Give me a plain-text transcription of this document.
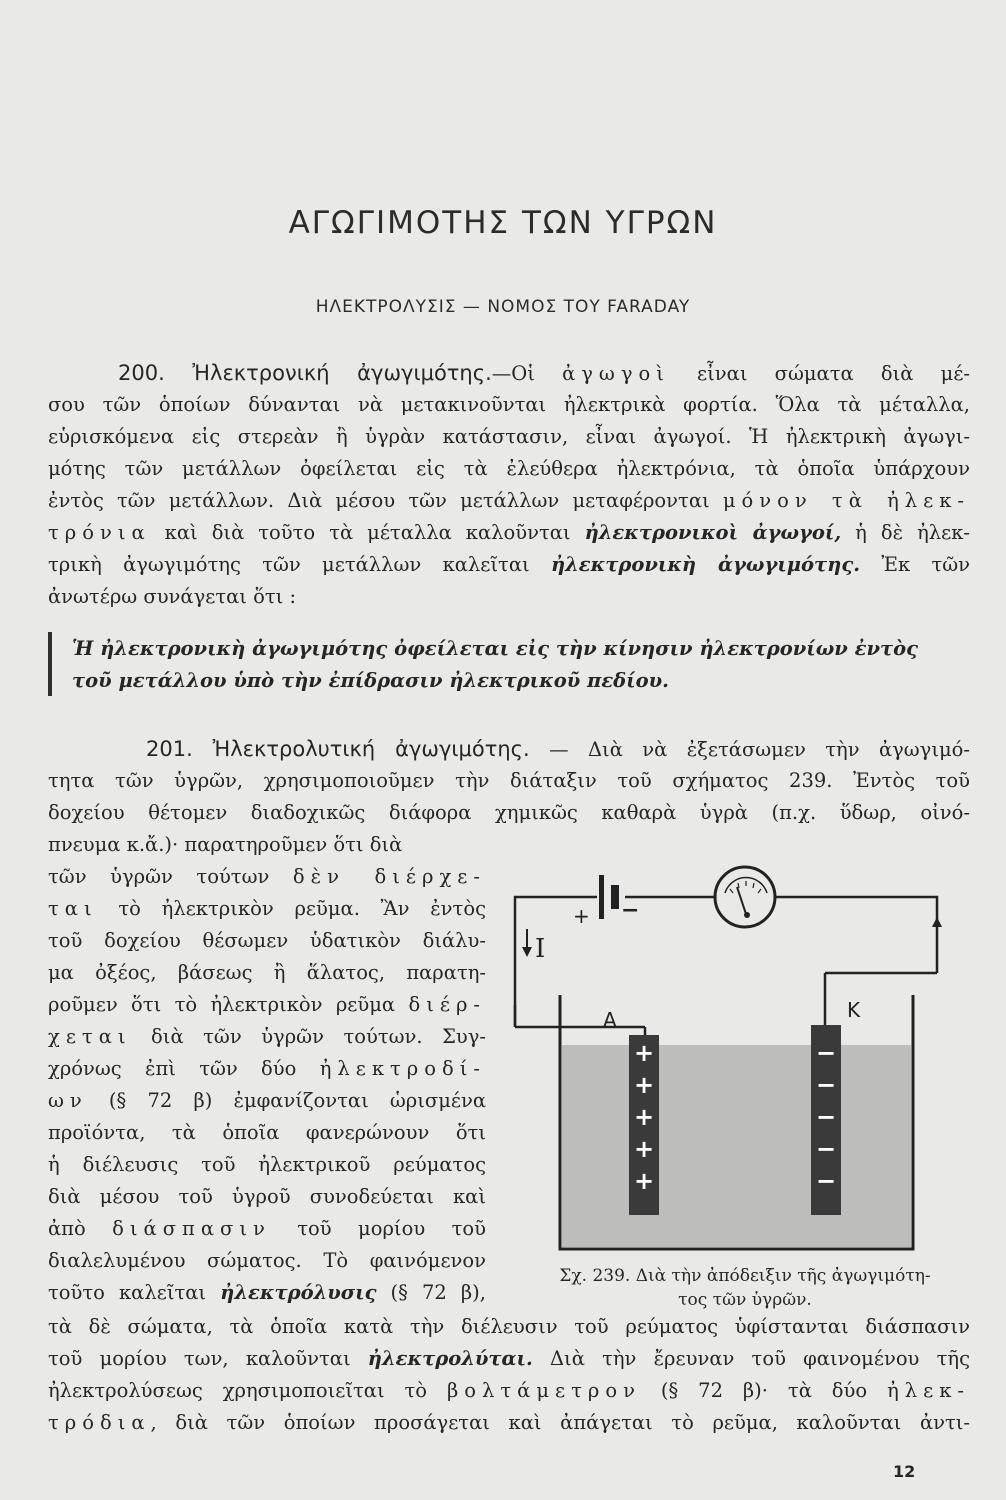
ΑΓΩΓΙΜΟΤΗΣ ΤΩΝ ΥΓΡΩΝ
ΗΛΕΚΤΡΟΛΥΣΙΣ — ΝΟΜΟΣ ΤΟΥ FARADAY
200. Ἠλεκτρονική ἀγωγιμότης.—Οἱ ἀγωγοὶ εἶναι σώματα διὰ μέ-
σου τῶν ὁποίων δύνανται νὰ μετακινοῦνται ἠλεκτρικὰ φορτία. Ὅλα τὰ μέταλλα,
εὑρισκόμενα εἰς στερεὰν ἢ ὑγρὰν κατάστασιν, εἶναι ἀγωγοί. Ἡ ἠλεκτρικὴ ἀγωγι-
μότης τῶν μετάλλων ὀφείλεται εἰς τὰ ἐλεύθερα ἠλεκτρόνια, τὰ ὁποῖα ὑπάρχουν
ἐντὸς τῶν μετάλλων. Διὰ μέσου τῶν μετάλλων μεταφέρονται μόνον τὰ ἠλεκ-
τρόνια καὶ διὰ τοῦτο τὰ μέταλλα καλοῦνται ἠλεκτρονικοὶ ἀγωγοί, ἡ δὲ ἠλεκ-
τρικὴ ἀγωγιμότης τῶν μετάλλων καλεῖται ἠλεκτρονικὴ ἀγωγιμότης. Ἐκ τῶν
ἀνωτέρω συνάγεται ὅτι :
Ἡ ἠλεκτρονικὴ ἀγωγιμότης ὀφείλεται εἰς τὴν κίνησιν ἠλεκτρονίων ἐντὸς
τοῦ μετάλλου ὑπὸ τὴν ἐπίδρασιν ἠλεκτρικοῦ πεδίου.
201. Ἠλεκτρολυτική ἀγωγιμότης. — Διὰ νὰ ἐξετάσωμεν τὴν ἀγωγιμό-
τητα τῶν ὑγρῶν, χρησιμοποιοῦμεν τὴν διάταξιν τοῦ σχήματος 239. Ἐντὸς τοῦ
δοχείου θέτομεν διαδοχικῶς διάφορα χημικῶς καθαρὰ ὑγρὰ (π.χ. ὕδωρ, οἰνό-
πνευμα κ.ἄ.)· παρατηροῦμεν ὅτι διὰ
τῶν ὑγρῶν τούτων δὲν διέρχε-
ται τὸ ἠλεκτρικὸν ρεῦμα. Ἂν ἐντὸς
τοῦ δοχείου θέσωμεν ὑδατικὸν διάλυ-
μα ὀξέος, βάσεως ἢ ἅλατος, παρατη-
ροῦμεν ὅτι τὸ ἠλεκτρικὸν ρεῦμα διέρ-
χεται διὰ τῶν ὑγρῶν τούτων. Συγ-
χρόνως ἐπὶ τῶν δύο ἠλεκτροδί-
ων (§ 72 β) ἐμφανίζονται ὡρισμένα
προϊόντα, τὰ ὁποῖα φανερώνουν ὅτι
ἡ διέλευσις τοῦ ἠλεκτρικοῦ ρεύματος
διὰ μέσου τοῦ ὑγροῦ συνοδεύεται καὶ
ἀπὸ διάσπασιν τοῦ μορίου τοῦ
διαλελυμένου σώματος. Τὸ φαινόμενον
τοῦτο καλεῖται ἠλεκτρόλυσις (§ 72 β),
τὰ δὲ σώματα, τὰ ὁποῖα κατὰ τὴν διέλευσιν τοῦ ρεύματος ὑφίστανται διάσπασιν
τοῦ μορίου των, καλοῦνται ἠλεκτρολύται. Διὰ τὴν ἔρευναν τοῦ φαινομένου τῆς
ἠλεκτρολύσεως χρησιμοποιεῖται τὸ βολτάμετρον (§ 72 β)· τὰ δύο ἠλεκ-
τρόδια, διὰ τῶν ὁποίων προσάγεται καὶ ἀπάγεται τὸ ρεῦμα, καλοῦνται ἀντι-
+ −
I
+
+
+
+
+
−
−
−
−
−
A	K
Σχ. 239. Διὰ τὴν ἀπόδειξιν τῆς ἀγωγιμότη-
τος τῶν ὑγρῶν.
12
